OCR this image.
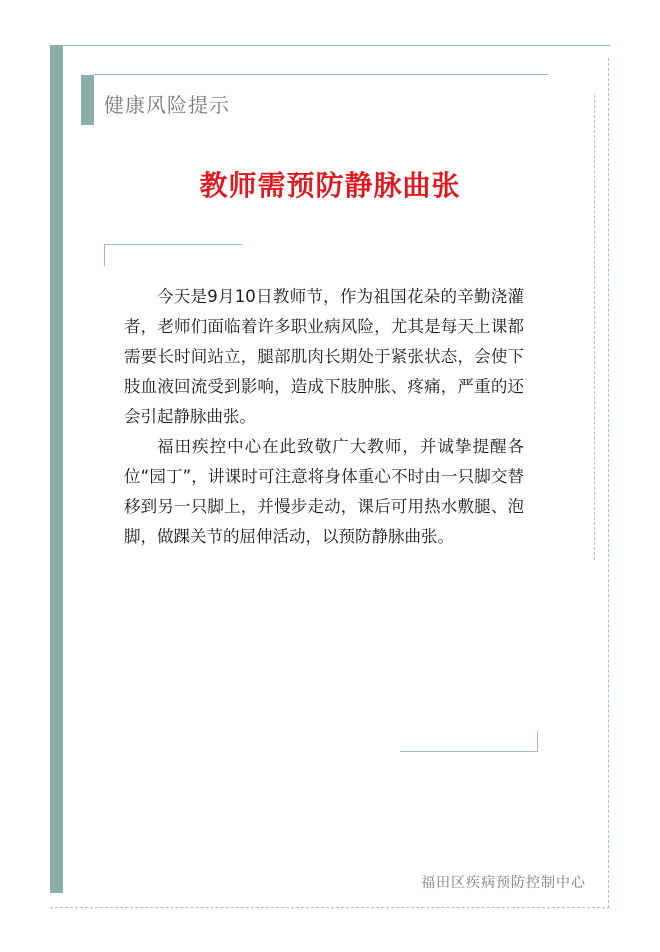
健康风险提示
教师需预防静脉曲张

今天是9月10日教师节，作为祖国花朵的辛勤浇灌者，老师们面临着许多职业病风险，尤其是每天上课都需要长时间站立，腿部肌肉长期处于紧张状态，会使下肢血液回流受到影响，造成下肢肿胀、疼痛，严重的还会引起静脉曲张。

福田疾控中心在此致敬广大教师，并诚挚提醒各位“园丁”，讲课时可注意将身体重心不时由一只脚交替移到另一只脚上，并慢步走动，课后可用热水敷腿、泡脚，做踝关节的屈伸活动，以预防静脉曲张。

福田区疾病预防控制中心
